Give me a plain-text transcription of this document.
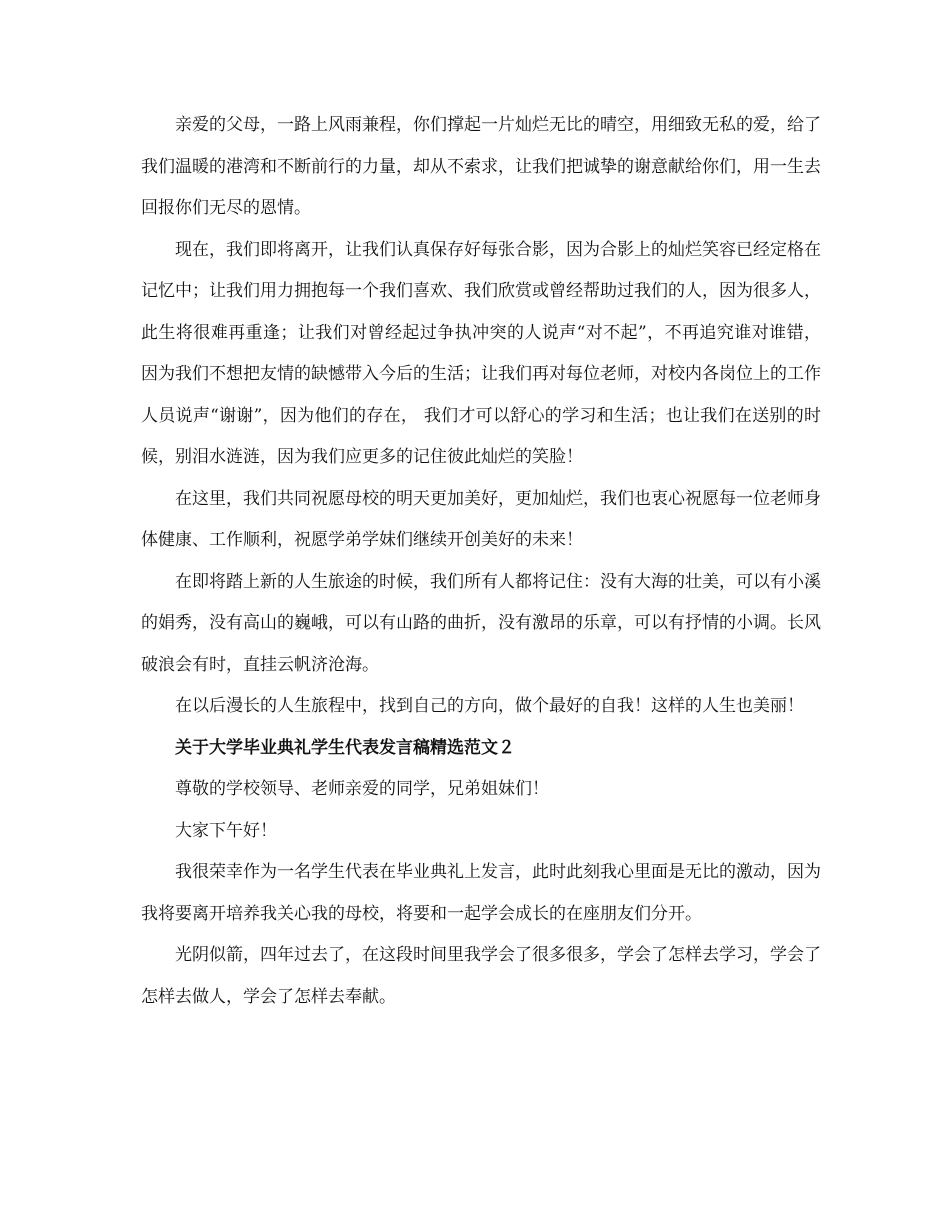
亲爱的父母，一路上风雨兼程，你们撑起一片灿烂无比的晴空，用细致无私的爱，给了我们温暖的港湾和不断前行的力量，却从不索求，让我们把诚挚的谢意献给你们，用一生去回报你们无尽的恩情。

现在，我们即将离开，让我们认真保存好每张合影，因为合影上的灿烂笑容已经定格在记忆中；让我们用力拥抱每一个我们喜欢、我们欣赏或曾经帮助过我们的人，因为很多人，此生将很难再重逢；让我们对曾经起过争执冲突的人说声“对不起”，不再追究谁对谁错，因为我们不想把友情的缺憾带入今后的生活；让我们再对每位老师，对校内各岗位上的工作人员说声“谢谢”，因为他们的存在， 我们才可以舒心的学习和生活；也让我们在送别的时候，别泪水涟涟，因为我们应更多的记住彼此灿烂的笑脸！

在这里，我们共同祝愿母校的明天更加美好，更加灿烂，我们也衷心祝愿每一位老师身体健康、工作顺利，祝愿学弟学妹们继续开创美好的未来！

在即将踏上新的人生旅途的时候，我们所有人都将记住：没有大海的壮美，可以有小溪的娟秀，没有高山的巍峨，可以有山路的曲折，没有激昂的乐章，可以有抒情的小调。长风破浪会有时，直挂云帆济沧海。

在以后漫长的人生旅程中，找到自己的方向，做个最好的自我！这样的人生也美丽！

关于大学毕业典礼学生代表发言稿精选范文２

尊敬的学校领导、老师亲爱的同学，兄弟姐妹们！

大家下午好！

我很荣幸作为一名学生代表在毕业典礼上发言，此时此刻我心里面是无比的激动，因为我将要离开培养我关心我的母校，将要和一起学会成长的在座朋友们分开。

光阴似箭，四年过去了，在这段时间里我学会了很多很多，学会了怎样去学习，学会了怎样去做人，学会了怎样去奉献。
